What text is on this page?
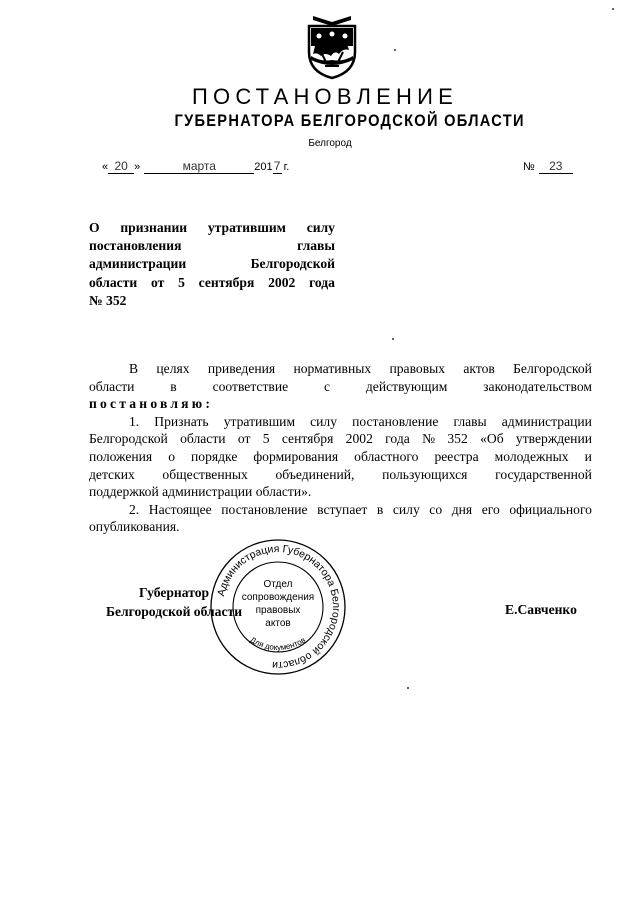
ПОСТАНОВЛЕНИЕ
ГУБЕРНАТОРА БЕЛГОРОДСКОЙ ОБЛАСТИ
Белгород
« 20 »	марта	2017 г.	№ 23
О признании утратившим силу
постановления	главы
администрации	Белгородской
области от 5 сентября 2002 года
№ 352
В целях приведения нормативных правовых актов Белгородской
области	в	соответствие	с	действующим	законодательством
постановляю:
1. Признать утратившим силу постановление главы администрации
Белгородской области от 5 сентября 2002 года № 352 «Об утверждении
положения о порядке формирования областного реестра молодежных и
детских общественных объединений, пользующихся государственной
поддержкой администрации области».
2. Настоящее постановление вступает в силу со дня его официального
опубликования.
Губернатор
Белгородской области	Е.Савченко
Администрация Губернатора Белгородской области
Отдел
сопровождения
правовых
актов
Для документов
